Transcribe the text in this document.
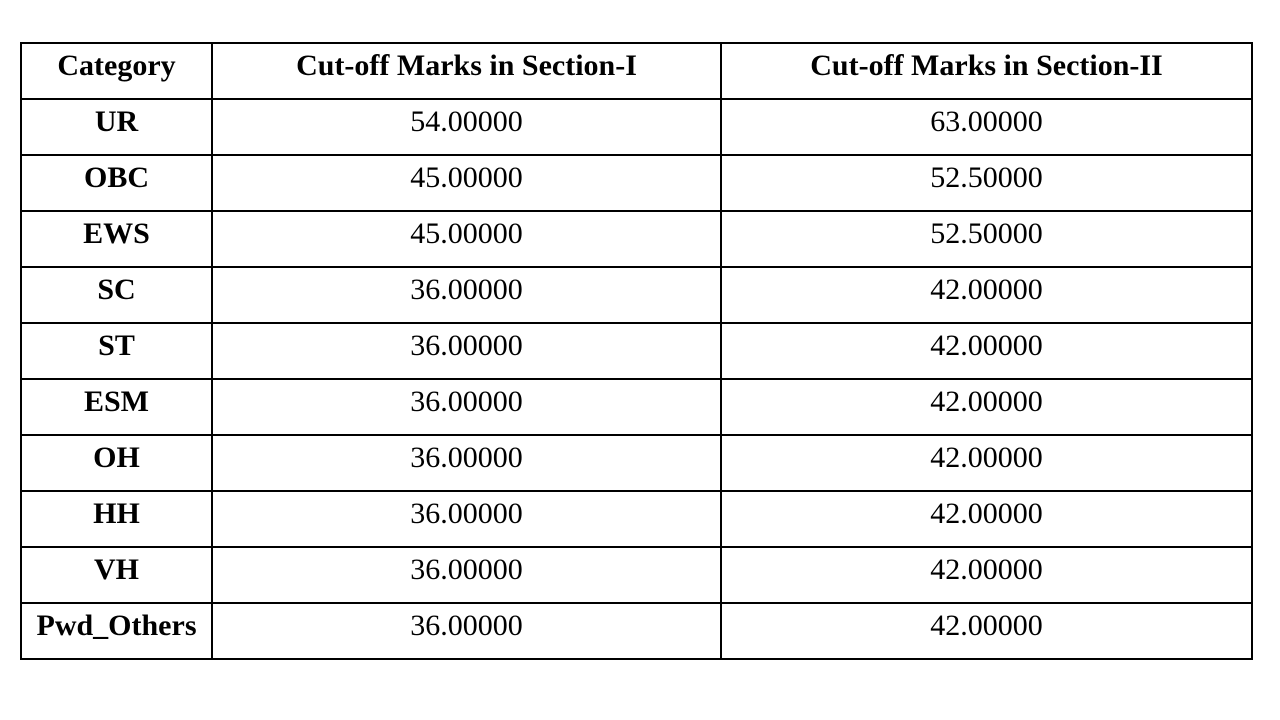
Category	Cut-off Marks in Section-I	Cut-off Marks in Section-II
UR	54.00000	63.00000
OBC	45.00000	52.50000
EWS	45.00000	52.50000
SC	36.00000	42.00000
ST	36.00000	42.00000
ESM	36.00000	42.00000
OH	36.00000	42.00000
HH	36.00000	42.00000
VH	36.00000	42.00000
Pwd_Others	36.00000	42.00000
